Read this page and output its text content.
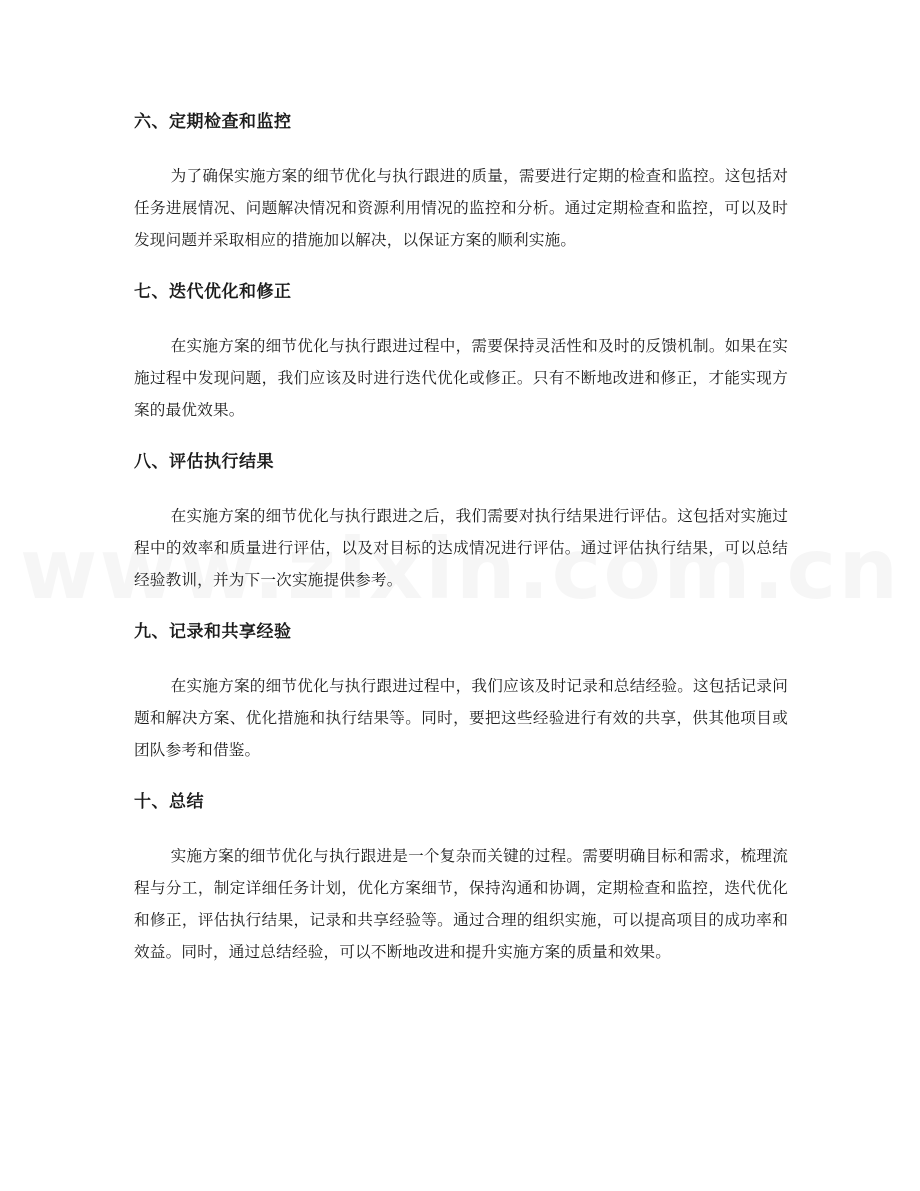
六、定期检查和监控

为了确保实施方案的细节优化与执行跟进的质量，需要进行定期的检查和监控。这包括对任务进展情况、问题解决情况和资源利用情况的监控和分析。通过定期检查和监控，可以及时发现问题并采取相应的措施加以解决，以保证方案的顺利实施。

七、迭代优化和修正

在实施方案的细节优化与执行跟进过程中，需要保持灵活性和及时的反馈机制。如果在实施过程中发现问题，我们应该及时进行迭代优化或修正。只有不断地改进和修正，才能实现方案的最优效果。

八、评估执行结果

在实施方案的细节优化与执行跟进之后，我们需要对执行结果进行评估。这包括对实施过程中的效率和质量进行评估，以及对目标的达成情况进行评估。通过评估执行结果，可以总结经验教训，并为下一次实施提供参考。

九、记录和共享经验

在实施方案的细节优化与执行跟进过程中，我们应该及时记录和总结经验。这包括记录问题和解决方案、优化措施和执行结果等。同时，要把这些经验进行有效的共享，供其他项目或团队参考和借鉴。

十、总结

实施方案的细节优化与执行跟进是一个复杂而关键的过程。需要明确目标和需求，梳理流程与分工，制定详细任务计划，优化方案细节，保持沟通和协调，定期检查和监控，迭代优化和修正，评估执行结果，记录和共享经验等。通过合理的组织实施，可以提高项目的成功率和效益。同时，通过总结经验，可以不断地改进和提升实施方案的质量和效果。
